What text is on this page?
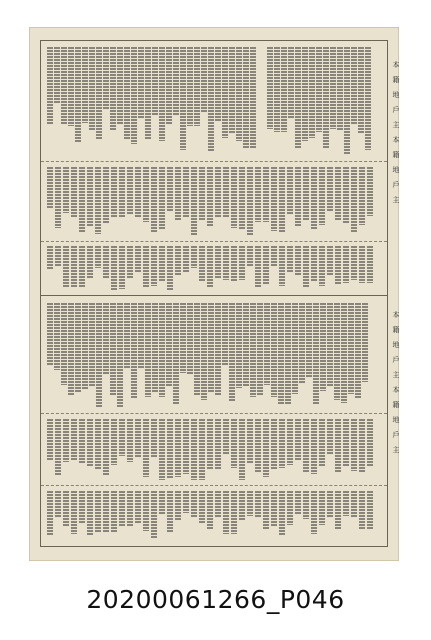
本籍地戶主本籍地戶主
本籍地戶主本籍地戶主
20200061266_P046
